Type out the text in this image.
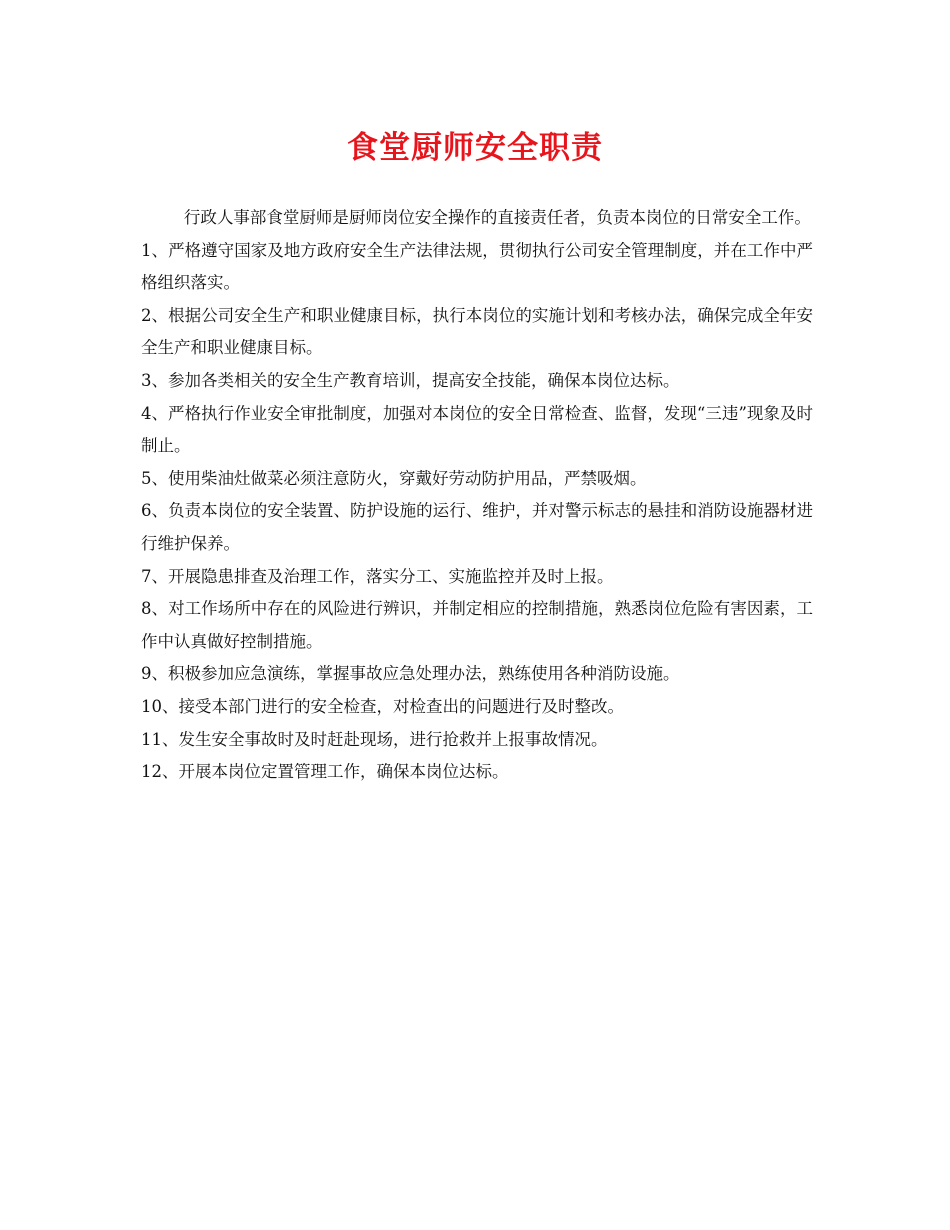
食堂厨师安全职责

行政人事部食堂厨师是厨师岗位安全操作的直接责任者，负责本岗位的日常安全工作。

1、严格遵守国家及地方政府安全生产法律法规，贯彻执行公司安全管理制度，并在工作中严格组织落实。

2、根据公司安全生产和职业健康目标，执行本岗位的实施计划和考核办法，确保完成全年安全生产和职业健康目标。

3、参加各类相关的安全生产教育培训，提高安全技能，确保本岗位达标。

4、严格执行作业安全审批制度，加强对本岗位的安全日常检查、监督，发现“三违”现象及时制止。

5、使用柴油灶做菜必须注意防火，穿戴好劳动防护用品，严禁吸烟。

6、负责本岗位的安全装置、防护设施的运行、维护，并对警示标志的悬挂和消防设施器材进行维护保养。

7、开展隐患排查及治理工作，落实分工、实施监控并及时上报。

8、对工作场所中存在的风险进行辨识，并制定相应的控制措施，熟悉岗位危险有害因素，工作中认真做好控制措施。

9、积极参加应急演练，掌握事故应急处理办法，熟练使用各种消防设施。

10、接受本部门进行的安全检查，对检查出的问题进行及时整改。

11、发生安全事故时及时赶赴现场，进行抢救并上报事故情况。

12、开展本岗位定置管理工作，确保本岗位达标。
